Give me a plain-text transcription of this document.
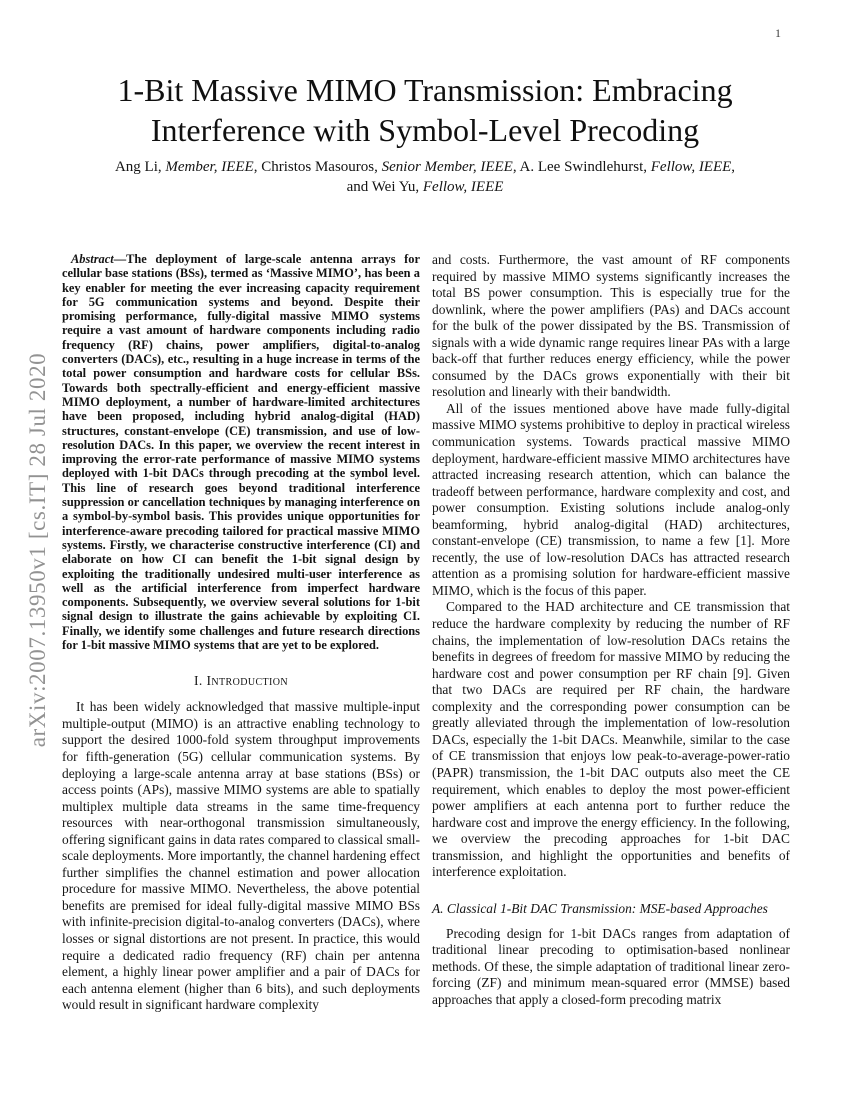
1
arXiv:2007.13950v1 [cs.IT] 28 Jul 2020
1-Bit Massive MIMO Transmission: Embracing
Interference with Symbol-Level Precoding
Ang Li, Member, IEEE, Christos Masouros, Senior Member, IEEE, A. Lee Swindlehurst, Fellow, IEEE,
and Wei Yu, Fellow, IEEE

Abstract—The deployment of large-scale antenna arrays for cellular base stations (BSs), termed as ‘Massive MIMO’, has been a key enabler for meeting the ever increasing capacity requirement for 5G communication systems and beyond. Despite their promising performance, fully-digital massive MIMO systems require a vast amount of hardware components including radio frequency (RF) chains, power amplifiers, digital-to-analog converters (DACs), etc., resulting in a huge increase in terms of the total power consumption and hardware costs for cellular BSs. Towards both spectrally-efficient and energy-efficient massive MIMO deployment, a number of hardware-limited architectures have been proposed, including hybrid analog-digital (HAD) structures, constant-envelope (CE) transmission, and use of low-resolution DACs. In this paper, we overview the recent interest in improving the error-rate performance of massive MIMO systems deployed with 1-bit DACs through precoding at the symbol level. This line of research goes beyond traditional interference suppression or cancellation techniques by managing interference on a symbol-by-symbol basis. This provides unique opportunities for interference-aware precoding tailored for practical massive MIMO systems. Firstly, we characterise constructive interference (CI) and elaborate on how CI can benefit the 1-bit signal design by exploiting the traditionally undesired multi-user interference as well as the artificial interference from imperfect hardware components. Subsequently, we overview several solutions for 1-bit signal design to illustrate the gains achievable by exploiting CI. Finally, we identify some challenges and future research directions for 1-bit massive MIMO systems that are yet to be explored.

I. Introduction

It has been widely acknowledged that massive multiple-input multiple-output (MIMO) is an attractive enabling technology to support the desired 1000-fold system throughput improvements for fifth-generation (5G) cellular communication systems. By deploying a large-scale antenna array at base stations (BSs) or access points (APs), massive MIMO systems are able to spatially multiplex multiple data streams in the same time-frequency resources with near-orthogonal transmission simultaneously, offering significant gains in data rates compared to classical small-scale deployments. More importantly, the channel hardening effect further simplifies the channel estimation and power allocation procedure for massive MIMO. Nevertheless, the above potential benefits are premised for ideal fully-digital massive MIMO BSs with infinite-precision digital-to-analog converters (DACs), where losses or signal distortions are not present. In practice, this would require a dedicated radio frequency (RF) chain per antenna element, a highly linear power amplifier and a pair of DACs for each antenna element (higher than 6 bits), and such deployments would result in significant hardware complexity

and costs. Furthermore, the vast amount of RF components required by massive MIMO systems significantly increases the total BS power consumption. This is especially true for the downlink, where the power amplifiers (PAs) and DACs account for the bulk of the power dissipated by the BS. Transmission of signals with a wide dynamic range requires linear PAs with a large back-off that further reduces energy efficiency, while the power consumed by the DACs grows exponentially with their bit resolution and linearly with their bandwidth.

All of the issues mentioned above have made fully-digital massive MIMO systems prohibitive to deploy in practical wireless communication systems. Towards practical massive MIMO deployment, hardware-efficient massive MIMO architectures have attracted increasing research attention, which can balance the tradeoff between performance, hardware complexity and cost, and power consumption. Existing solutions include analog-only beamforming, hybrid analog-digital (HAD) architectures, constant-envelope (CE) transmission, to name a few [1]. More recently, the use of low-resolution DACs has attracted research attention as a promising solution for hardware-efficient massive MIMO, which is the focus of this paper.

Compared to the HAD architecture and CE transmission that reduce the hardware complexity by reducing the number of RF chains, the implementation of low-resolution DACs retains the benefits in degrees of freedom for massive MIMO by reducing the hardware cost and power consumption per RF chain [9]. Given that two DACs are required per RF chain, the hardware complexity and the corresponding power consumption can be greatly alleviated through the implementation of low-resolution DACs, especially the 1-bit DACs. Meanwhile, similar to the case of CE transmission that enjoys low peak-to-average-power-ratio (PAPR) transmission, the 1-bit DAC outputs also meet the CE requirement, which enables to deploy the most power-efficient power amplifiers at each antenna port to further reduce the hardware cost and improve the energy efficiency. In the following, we overview the precoding approaches for 1-bit DAC transmission, and highlight the opportunities and benefits of interference exploitation.

A. Classical 1-Bit DAC Transmission: MSE-based Approaches

Precoding design for 1-bit DACs ranges from adaptation of traditional linear precoding to optimisation-based nonlinear methods. Of these, the simple adaptation of traditional linear zero-forcing (ZF) and minimum mean-squared error (MMSE) based approaches that apply a closed-form precoding matrix
